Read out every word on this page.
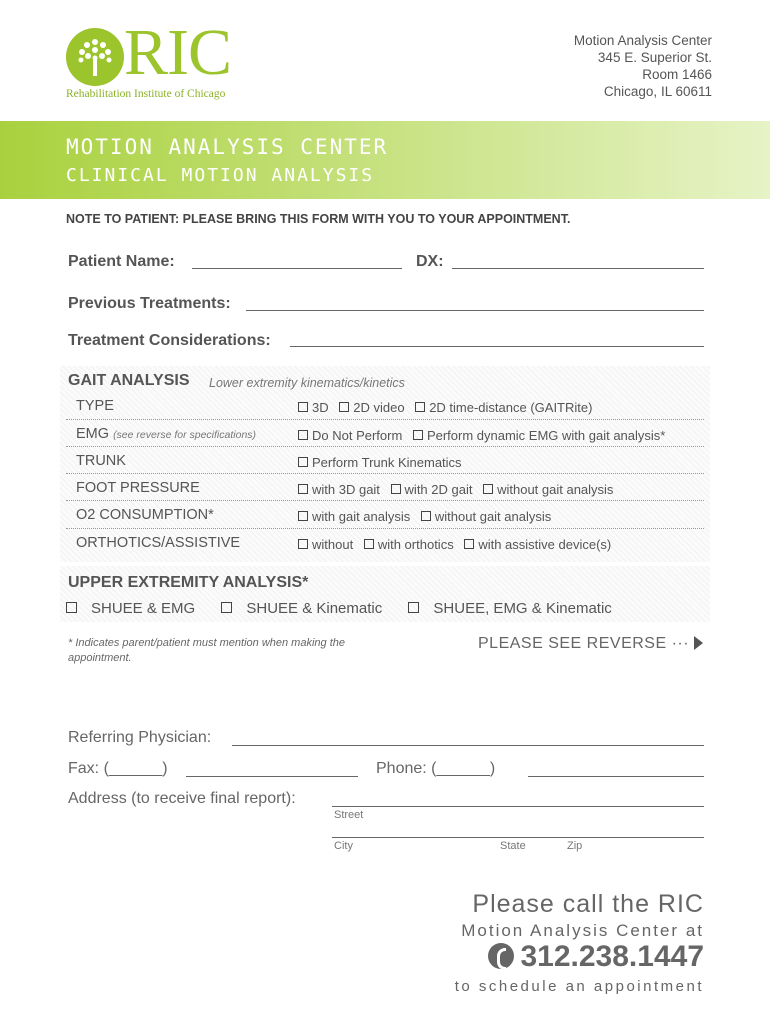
RIC
Rehabilitation Institute of Chicago
Motion Analysis Center
345 E. Superior St.
Room 1466
Chicago, IL 60611
MOTION ANALYSIS CENTER
CLINICAL MOTION ANALYSIS
NOTE TO PATIENT: PLEASE BRING THIS FORM WITH YOU TO YOUR APPOINTMENT.
Patient Name:	DX:
Previous Treatments:
Treatment Considerations:
GAIT ANALYSIS Lower extremity kinematics/kinetics
TYPE	3D 2D video 2D time-distance (GAITRite)
EMG (see reverse for specifications)	Do Not Perform Perform dynamic EMG with gait analysis*
TRUNK	Perform Trunk Kinematics
FOOT PRESSURE	with 3D gait with 2D gait without gait analysis
O2 CONSUMPTION*	with gait analysis without gait analysis
ORTHOTICS/ASSISTIVE	without with orthotics with assistive device(s)
UPPER EXTREMITY ANALYSIS*
SHUEE & EMG	SHUEE & Kinematic	SHUEE, EMG & Kinematic
* Indicates parent/patient must mention when making the appointment.
PLEASE SEE REVERSE ···
Referring Physician:
Fax: (______)	Phone: (______)
Address (to receive final report):
Street
City	State	Zip
Please call the RIC
Motion Analysis Center at
312.238.1447
to schedule an appointment
